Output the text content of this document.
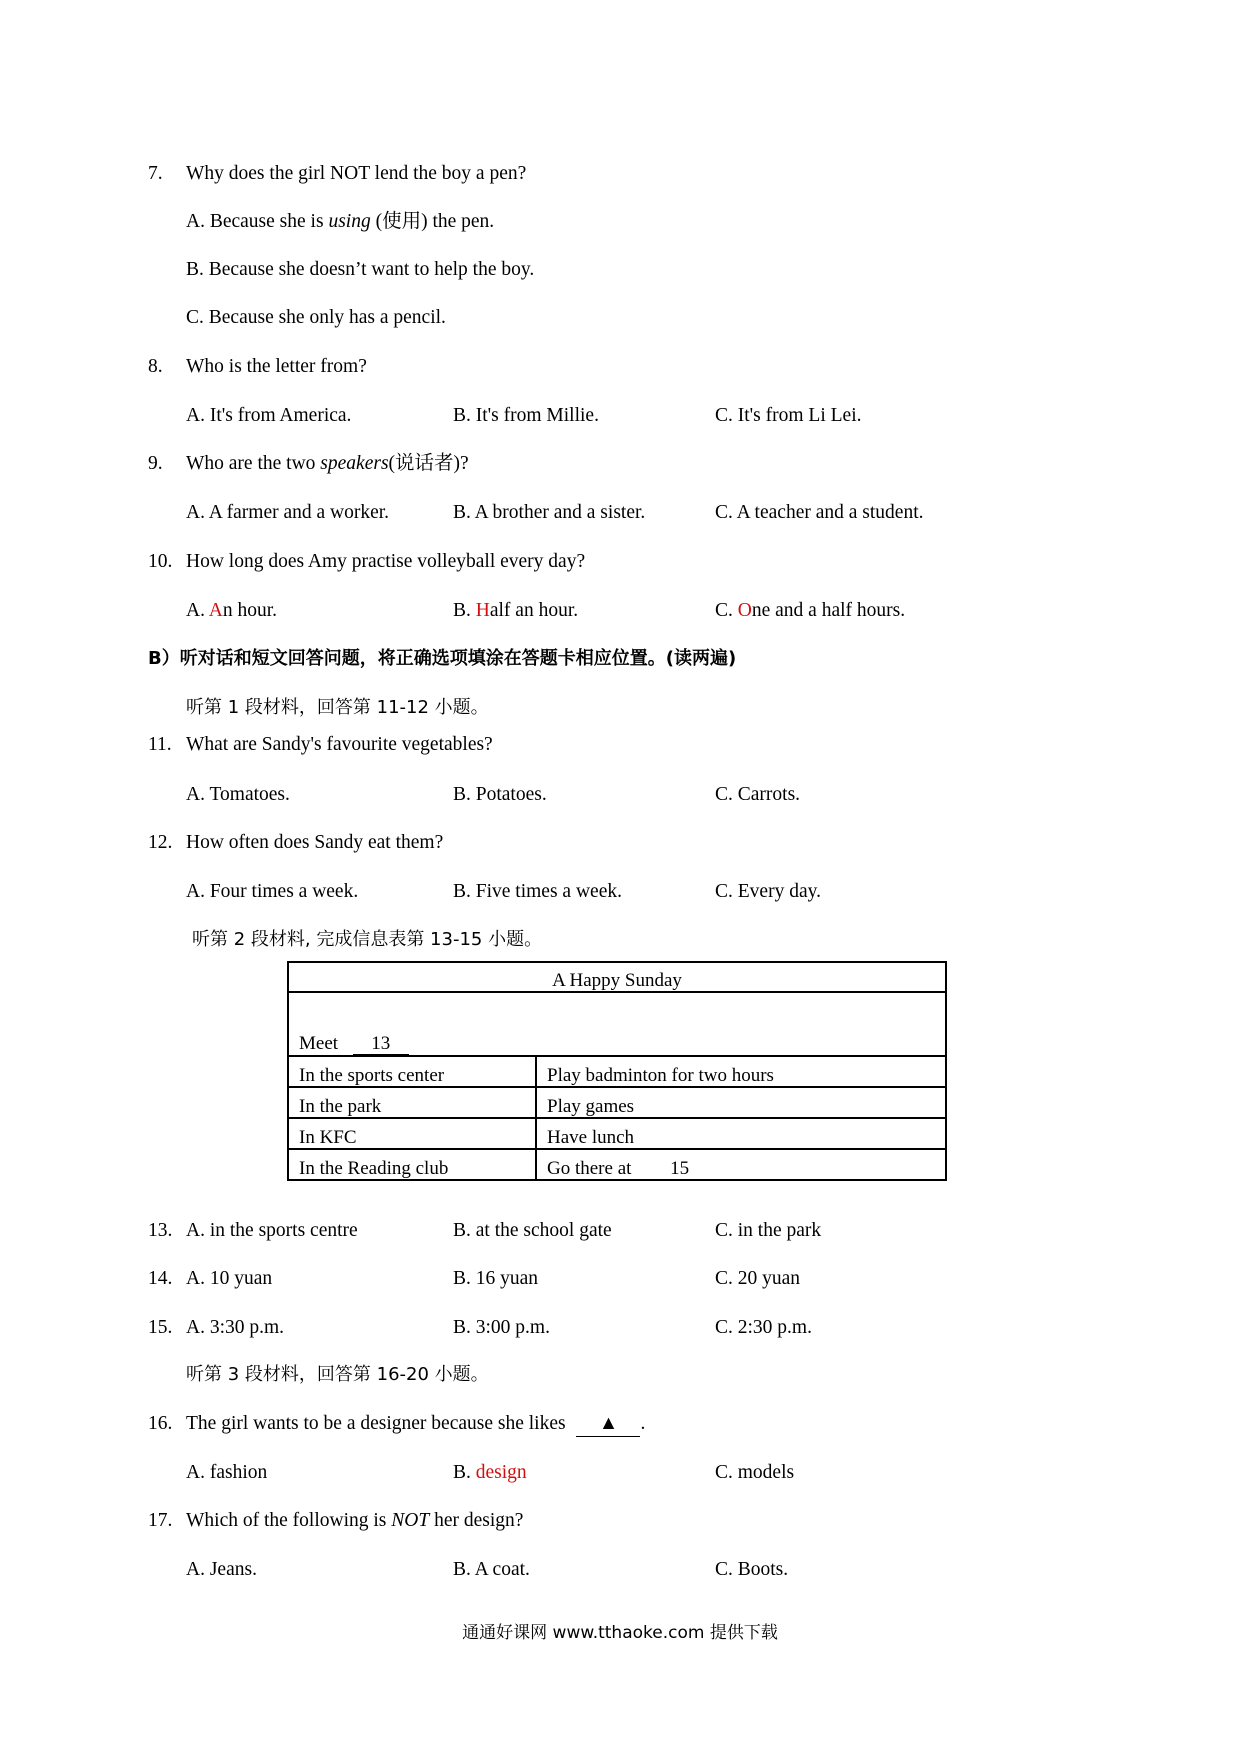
7. Why does the girl NOT lend the boy a pen?
A. Because she is using (使用) the pen.
B. Because she doesn’t want to help the boy.
C. Because she only has a pencil.
8. Who is the letter from?
A. It's from America.	B. It's from Millie.	C. It's from Li Lei.
9. Who are the two speakers(说话者)?
A. A farmer and a worker.	B. A brother and a sister.	C. A teacher and a student.
10. How long does Amy practise volleyball every day?
A. An hour.	B. Half an hour.	C. One and a half hours.
B）听对话和短文回答问题，将正确选项填涂在答题卡相应位置。(读两遍)
听第 1 段材料，回答第 11-12 小题。
11. What are Sandy's favourite vegetables?
A. Tomatoes.	B. Potatoes.	C. Carrots.
12. How often does Sandy eat them?
A. Four times a week.	B. Five times a week.	C. Every day.
听第 2 段材料, 完成信息表第 13-15 小题。
A Happy Sunday	
Meet 13	
In the sports center	Play badminton for two hours
In the park	Play games
In KFC	Have lunch
In the Reading club	Go there at 15
13. A. in the sports centre	B. at the school gate	C. in the park
14. A. 10 yuan	B. 16 yuan	C. 20 yuan
15. A. 3:30 p.m.	B. 3:00 p.m.	C. 2:30 p.m.
听第 3 段材料，回答第 16-20 小题。
16. The girl wants to be a designer because she likes ▲ .
A. fashion	B. design	C. models
17. Which of the following is NOT her design?
A. Jeans.	B. A coat.	C. Boots.
通通好课网 www.tthaoke.com 提供下载
